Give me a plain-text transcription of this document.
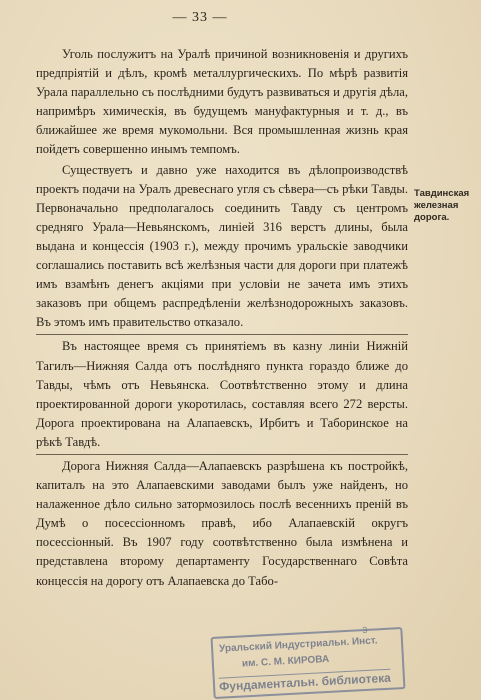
— 33 —

Уголь послужитъ на Уралѣ причиной возникновенія и другихъ предпріятій и дѣлъ, кромѣ металлургическихъ. По мѣрѣ развитія Урала параллельно съ послѣдними будутъ развиваться и другія дѣла, напримѣръ химическія, въ будущемъ мануфактурныя и т. д., въ ближайшее же время мукомольни. Вся промышленная жизнь края пойдетъ совершенно инымъ темпомъ.

Существуетъ и давно уже находится въ дѣлопроизводствѣ проектъ подачи на Уралъ древеснаго угля съ сѣвера—съ рѣки Тавды. Первоначально предполагалось соединить Тавду съ центромъ средняго Урала—Невьянскомъ, линіей 316 верстъ длины, была выдана и концессія (1903 г.), между прочимъ уральскіе заводчики соглашались поставить всѣ желѣзныя части для дороги при платежѣ имъ взамѣнъ денегъ акціями при условіи не зачета имъ этихъ заказовъ при общемъ распредѣленіи желѣзнодорожныхъ заказовъ. Въ этомъ имъ правительство отказало.

Въ настоящее время съ принятіемъ въ казну линіи Нижній Тагилъ—Нижняя Салда отъ послѣдняго пункта гораздо ближе до Тавды, чѣмъ отъ Невьянска. Соотвѣтственно этому и длина проектированной дороги укоротилась, составляя всего 272 версты. Дорога проектирована на Алапаевскъ, Ирбитъ и Таборинское на рѣкѣ Тавдѣ.

Дорога Нижняя Салда—Алапаевскъ разрѣшена къ постройкѣ, капиталъ на это Алапаевскими заводами былъ уже найденъ, но налаженное дѣло сильно затормозилось послѣ весеннихъ преній въ Думѣ о посессіонномъ правѣ, ибо Алапаевскій округъ посессіонный. Въ 1907 году соотвѣтственно была измѣнена и представлена второму департаменту Государственнаго Совѣта концессія на дорогу отъ Алапаевска до Табо-

Тавдинская железная дорога.
3
Уральский Индустриальн. Инст.
им. С. М. КИРОВА
Фундаментальн. библиотека
